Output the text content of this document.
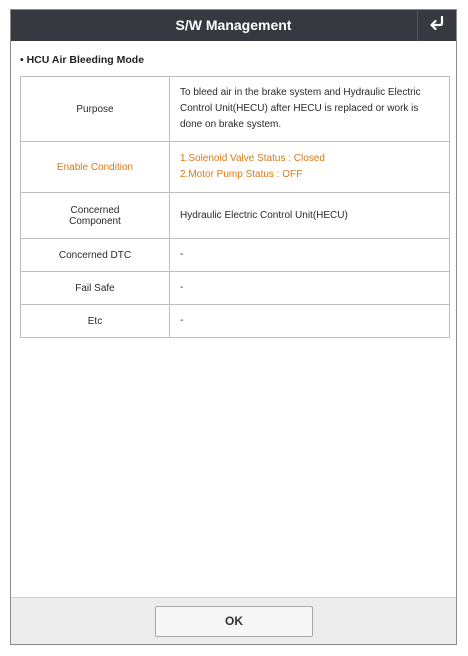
S/W Management
• HCU Air Bleeding Mode
Purpose	To bleed air in the brake system and Hydraulic Electric Control Unit(HECU) after HECU is replaced or work is done on brake system.
Enable Condition	1.Solenoid Valve Status : Closed
2.Motor Pump Status : OFF

Concerned
Component	Hydraulic Electric Control Unit(HECU)
Concerned DTC	-
Fail Safe	-
Etc	-
OK
